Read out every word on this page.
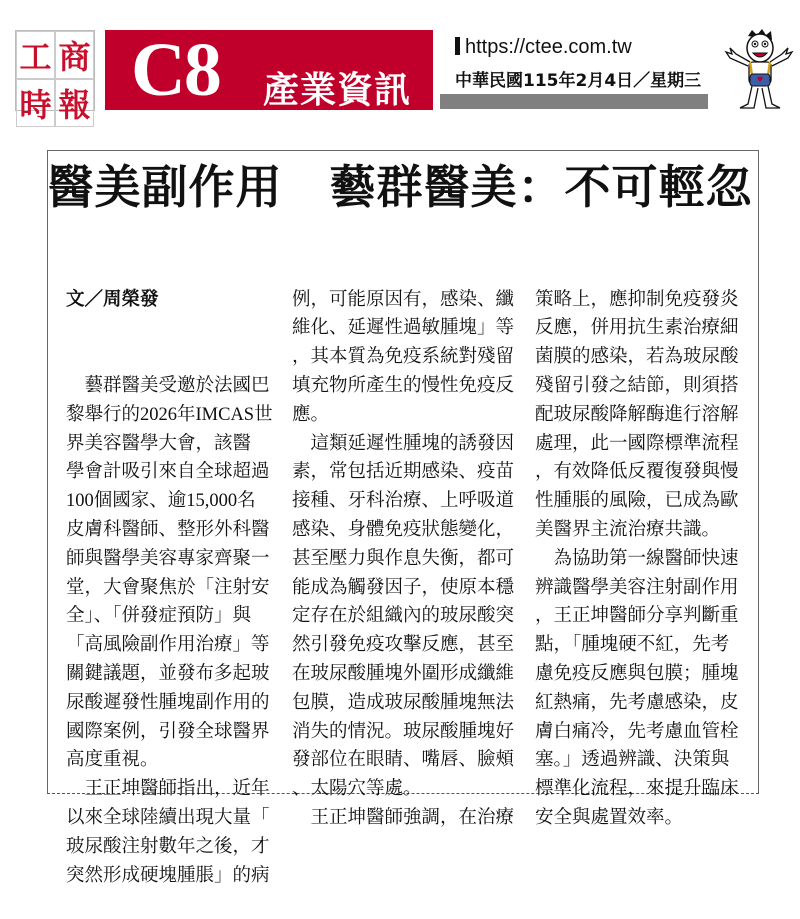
工 商
時 報 C8 產業資訊
https://ctee.com.tw
中華民國115年2月4日／星期三
醫美副作用　藝群醫美：不可輕忽

文／周榮發

　藝群醫美受邀於法國巴
黎舉行的2026年IMCAS世
界美容醫學大會，該醫
學會計吸引來自全球超過
100個國家、逾15,000名
皮膚科醫師、整形外科醫
師與醫學美容專家齊聚一
堂，大會聚焦於「注射安
全」、「併發症預防」與
「高風險副作用治療」等
關鍵議題，並發布多起玻
尿酸遲發性腫塊副作用的
國際案例，引發全球醫界
高度重視。
　王正坤醫師指出，近年
以來全球陸續出現大量「
玻尿酸注射數年之後，才
突然形成硬塊腫脹」的病

例，可能原因有，感染、纖
維化、延遲性過敏腫塊」等
，其本質為免疫系統對殘留
填充物所產生的慢性免疫反
應。
　這類延遲性腫塊的誘發因
素，常包括近期感染、疫苗
接種、牙科治療、上呼吸道
感染、身體免疫狀態變化，
甚至壓力與作息失衡，都可
能成為觸發因子，使原本穩
定存在於組織內的玻尿酸突
然引發免疫攻擊反應，甚至
在玻尿酸腫塊外圍形成纖維
包膜，造成玻尿酸腫塊無法
消失的情況。玻尿酸腫塊好
發部位在眼睛、嘴唇、臉頰
、太陽穴等處。
　王正坤醫師強調，在治療

策略上，應抑制免疫發炎
反應，併用抗生素治療細
菌膜的感染，若為玻尿酸
殘留引發之結節，則須搭
配玻尿酸降解酶進行溶解
處理，此一國際標準流程
，有效降低反覆復發與慢
性腫脹的風險，已成為歐
美醫界主流治療共識。
　為協助第一線醫師快速
辨識醫學美容注射副作用
，王正坤醫師分享判斷重
點，「腫塊硬不紅，先考
慮免疫反應與包膜；腫塊
紅熱痛，先考慮感染，皮
膚白痛冷，先考慮血管栓
塞。」透過辨識、決策與
標準化流程，來提升臨床
安全與處置效率。
